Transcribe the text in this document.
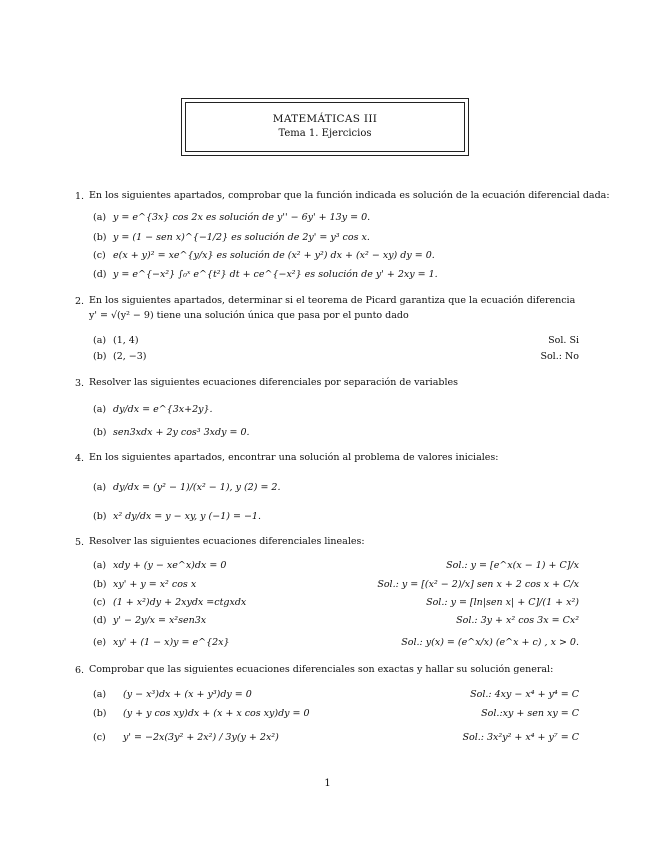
MATEMÁTICAS III
Tema 1. Ejercicios
1. En los siguientes apartados, comprobar que la función indicada es solución de la ecuación diferencial dada:
(a) y = e^{3x} cos 2x es solución de y'' − 6y' + 13y = 0.
(b) y = (1 − sen x)^{−1/2} es solución de 2y' = y³ cos x.
(c) e(x + y)² = xe^{y/x} es solución de (x² + y²) dx + (x² − xy) dy = 0.
(d) y = e^{−x²} ∫₀ˣ e^{t²} dt + ce^{−x²} es solución de y' + 2xy = 1.
2. En los siguientes apartados, determinar si el teorema de Picard garantiza que la ecuación diferencia
y' = √(y² − 9) tiene una solución única que pasa por el punto dado
(a) (1, 4)	Sol. Si
(b) (2, −3)	Sol.: No
3. Resolver las siguientes ecuaciones diferenciales por separación de variables
(a) dy/dx = e^{3x+2y}.
(b) sen3xdx + 2y cos³ 3xdy = 0.
4. En los siguientes apartados, encontrar una solución al problema de valores iniciales:
(a) dy/dx = (y² − 1)/(x² − 1), y (2) = 2.
(b) x² dy/dx = y − xy, y (−1) = −1.
5. Resolver las siguientes ecuaciones diferenciales lineales:
(a) xdy + (y − xe^x)dx = 0	Sol.: y = [e^x(x − 1) + C]/x
(b) xy' + y = x² cos x	Sol.: y = [(x² − 2)/x] sen x + 2 cos x + C/x
(c) (1 + x²)dy + 2xydx =ctgxdx	Sol.: y = [ln|sen x| + C]/(1 + x²)
(d) y' − 2y/x = x²sen3x	Sol.: 3y + x² cos 3x = Cx²
(e) xy' + (1 − x)y = e^{2x}	Sol.: y(x) = (e^x/x) (e^x + c) , x > 0.
6. Comprobar que las siguientes ecuaciones diferenciales son exactas y hallar su solución general:
(a) (y − x³)dx + (x + y³)dy = 0	Sol.: 4xy − x⁴ + y⁴ = C
(b) (y + y cos xy)dx + (x + x cos xy)dy = 0	Sol.:xy + sen xy = C
(c) y' = −2x(3y² + 2x²) / 3y(y + 2x²)	Sol.: 3x²y² + x⁴ + y⁷ = C
1
